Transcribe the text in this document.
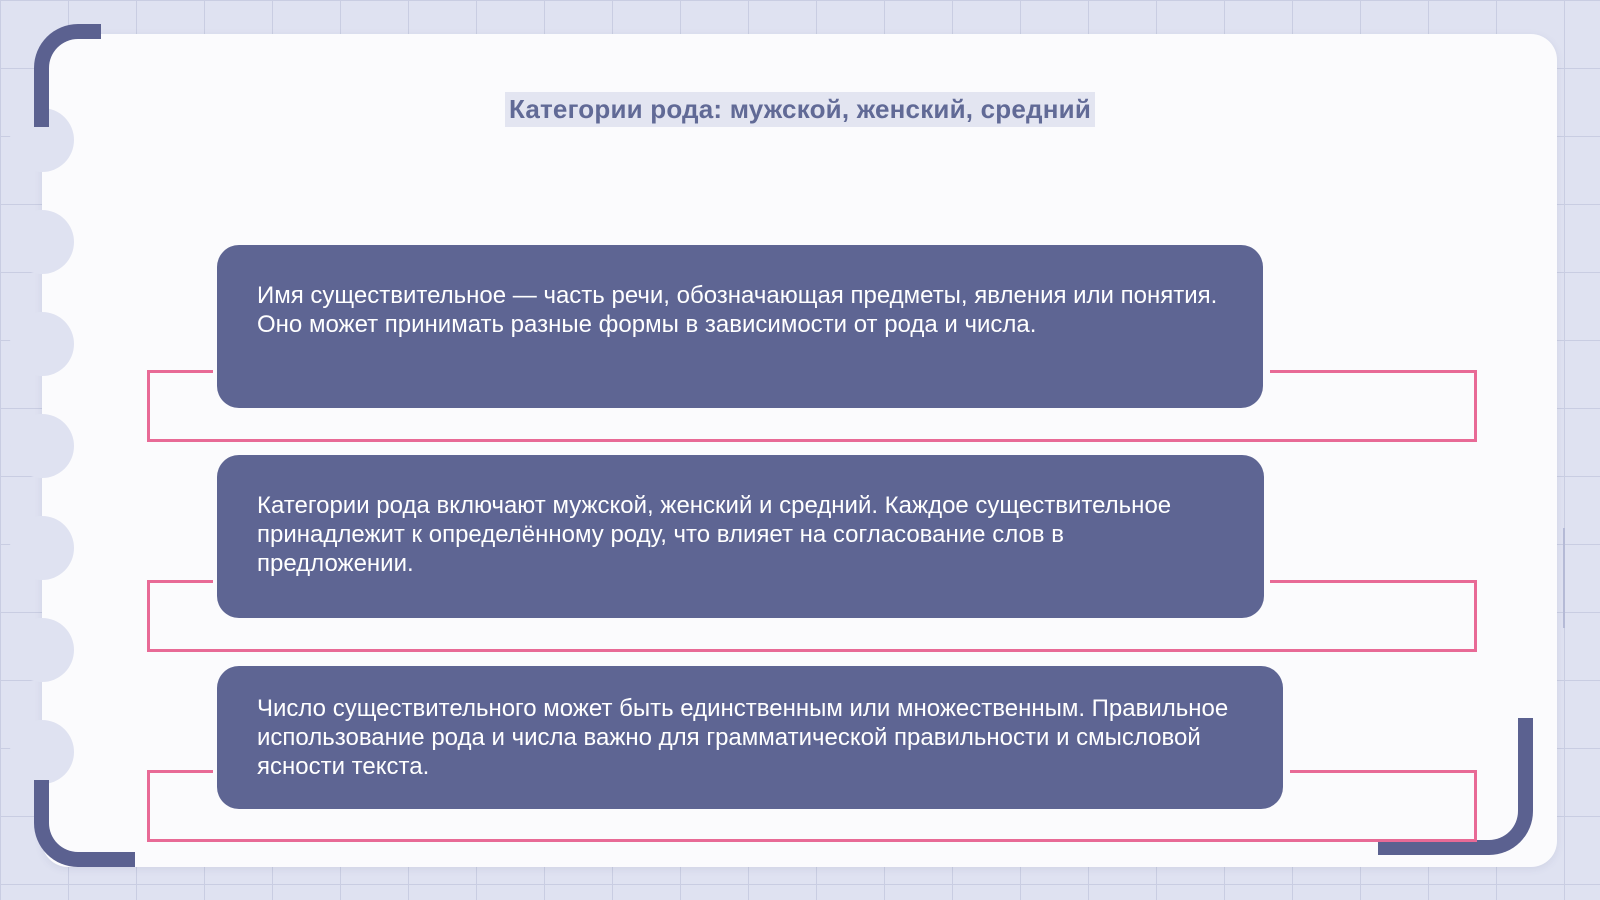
Категории рода: мужской, женский, средний
Имя существительное — часть речи, обозначающая предметы, явления или понятия. Оно может принимать разные формы в зависимости от рода и числа.
Категории рода включают мужской, женский и средний. Каждое существительное принадлежит к определённому роду, что влияет на согласование слов в предложении.
Число существительного может быть единственным или множественным. Правильное использование рода и числа важно для грамматической правильности и смысловой ясности текста.
